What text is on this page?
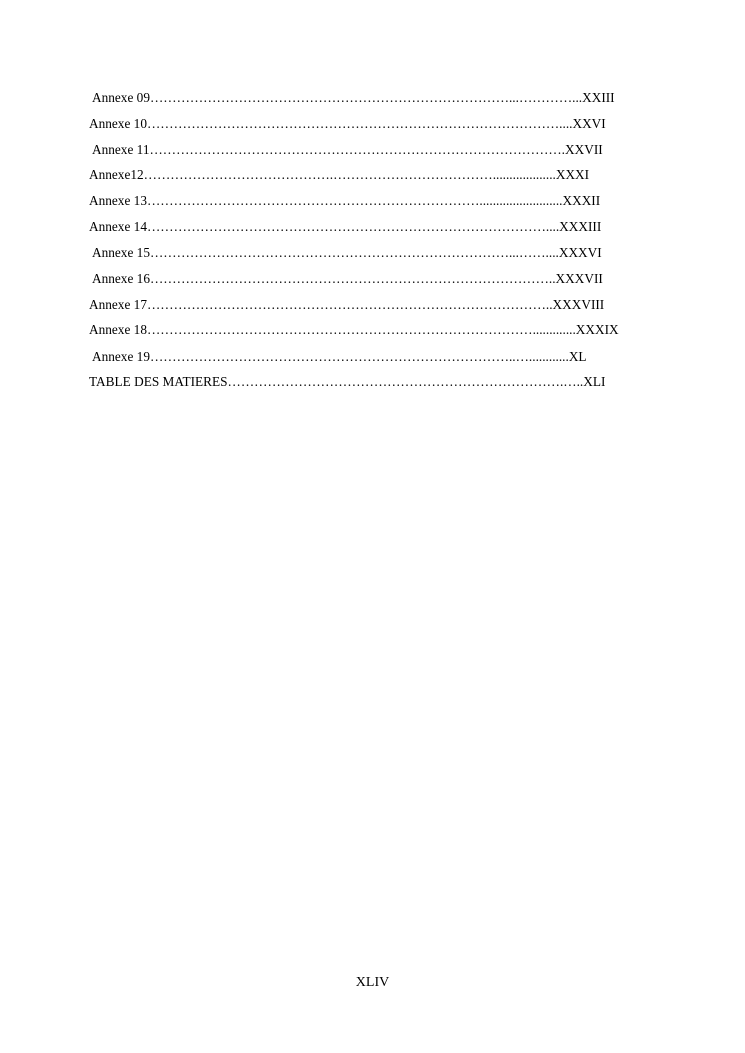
Annexe 09………………………………………………………………………...…………...XXIII
Annexe 10…………………………………………………………………………………....XXVI
Annexe 11………………………………………………………………………………….XXVII
Annexe12…………………………………….………………………………...................XXXI
Annexe 13………………………………………………………………….........................XXXII
Annexe 14………………………………………………………………………………....XXXIII
Annexe 15………………………………………………………………………...……....XXXVI
Annexe 16………………………………………………………………………………..XXXVII
Annexe 17………………………………………………………………………………..XXXVIII
Annexe 18…………………………………………………………………………….............XXXIX
Annexe 19………………………………………………………………………..…............XL
TABLE DES MATIERES………………………………………………………………….…..XLI
XLIV
